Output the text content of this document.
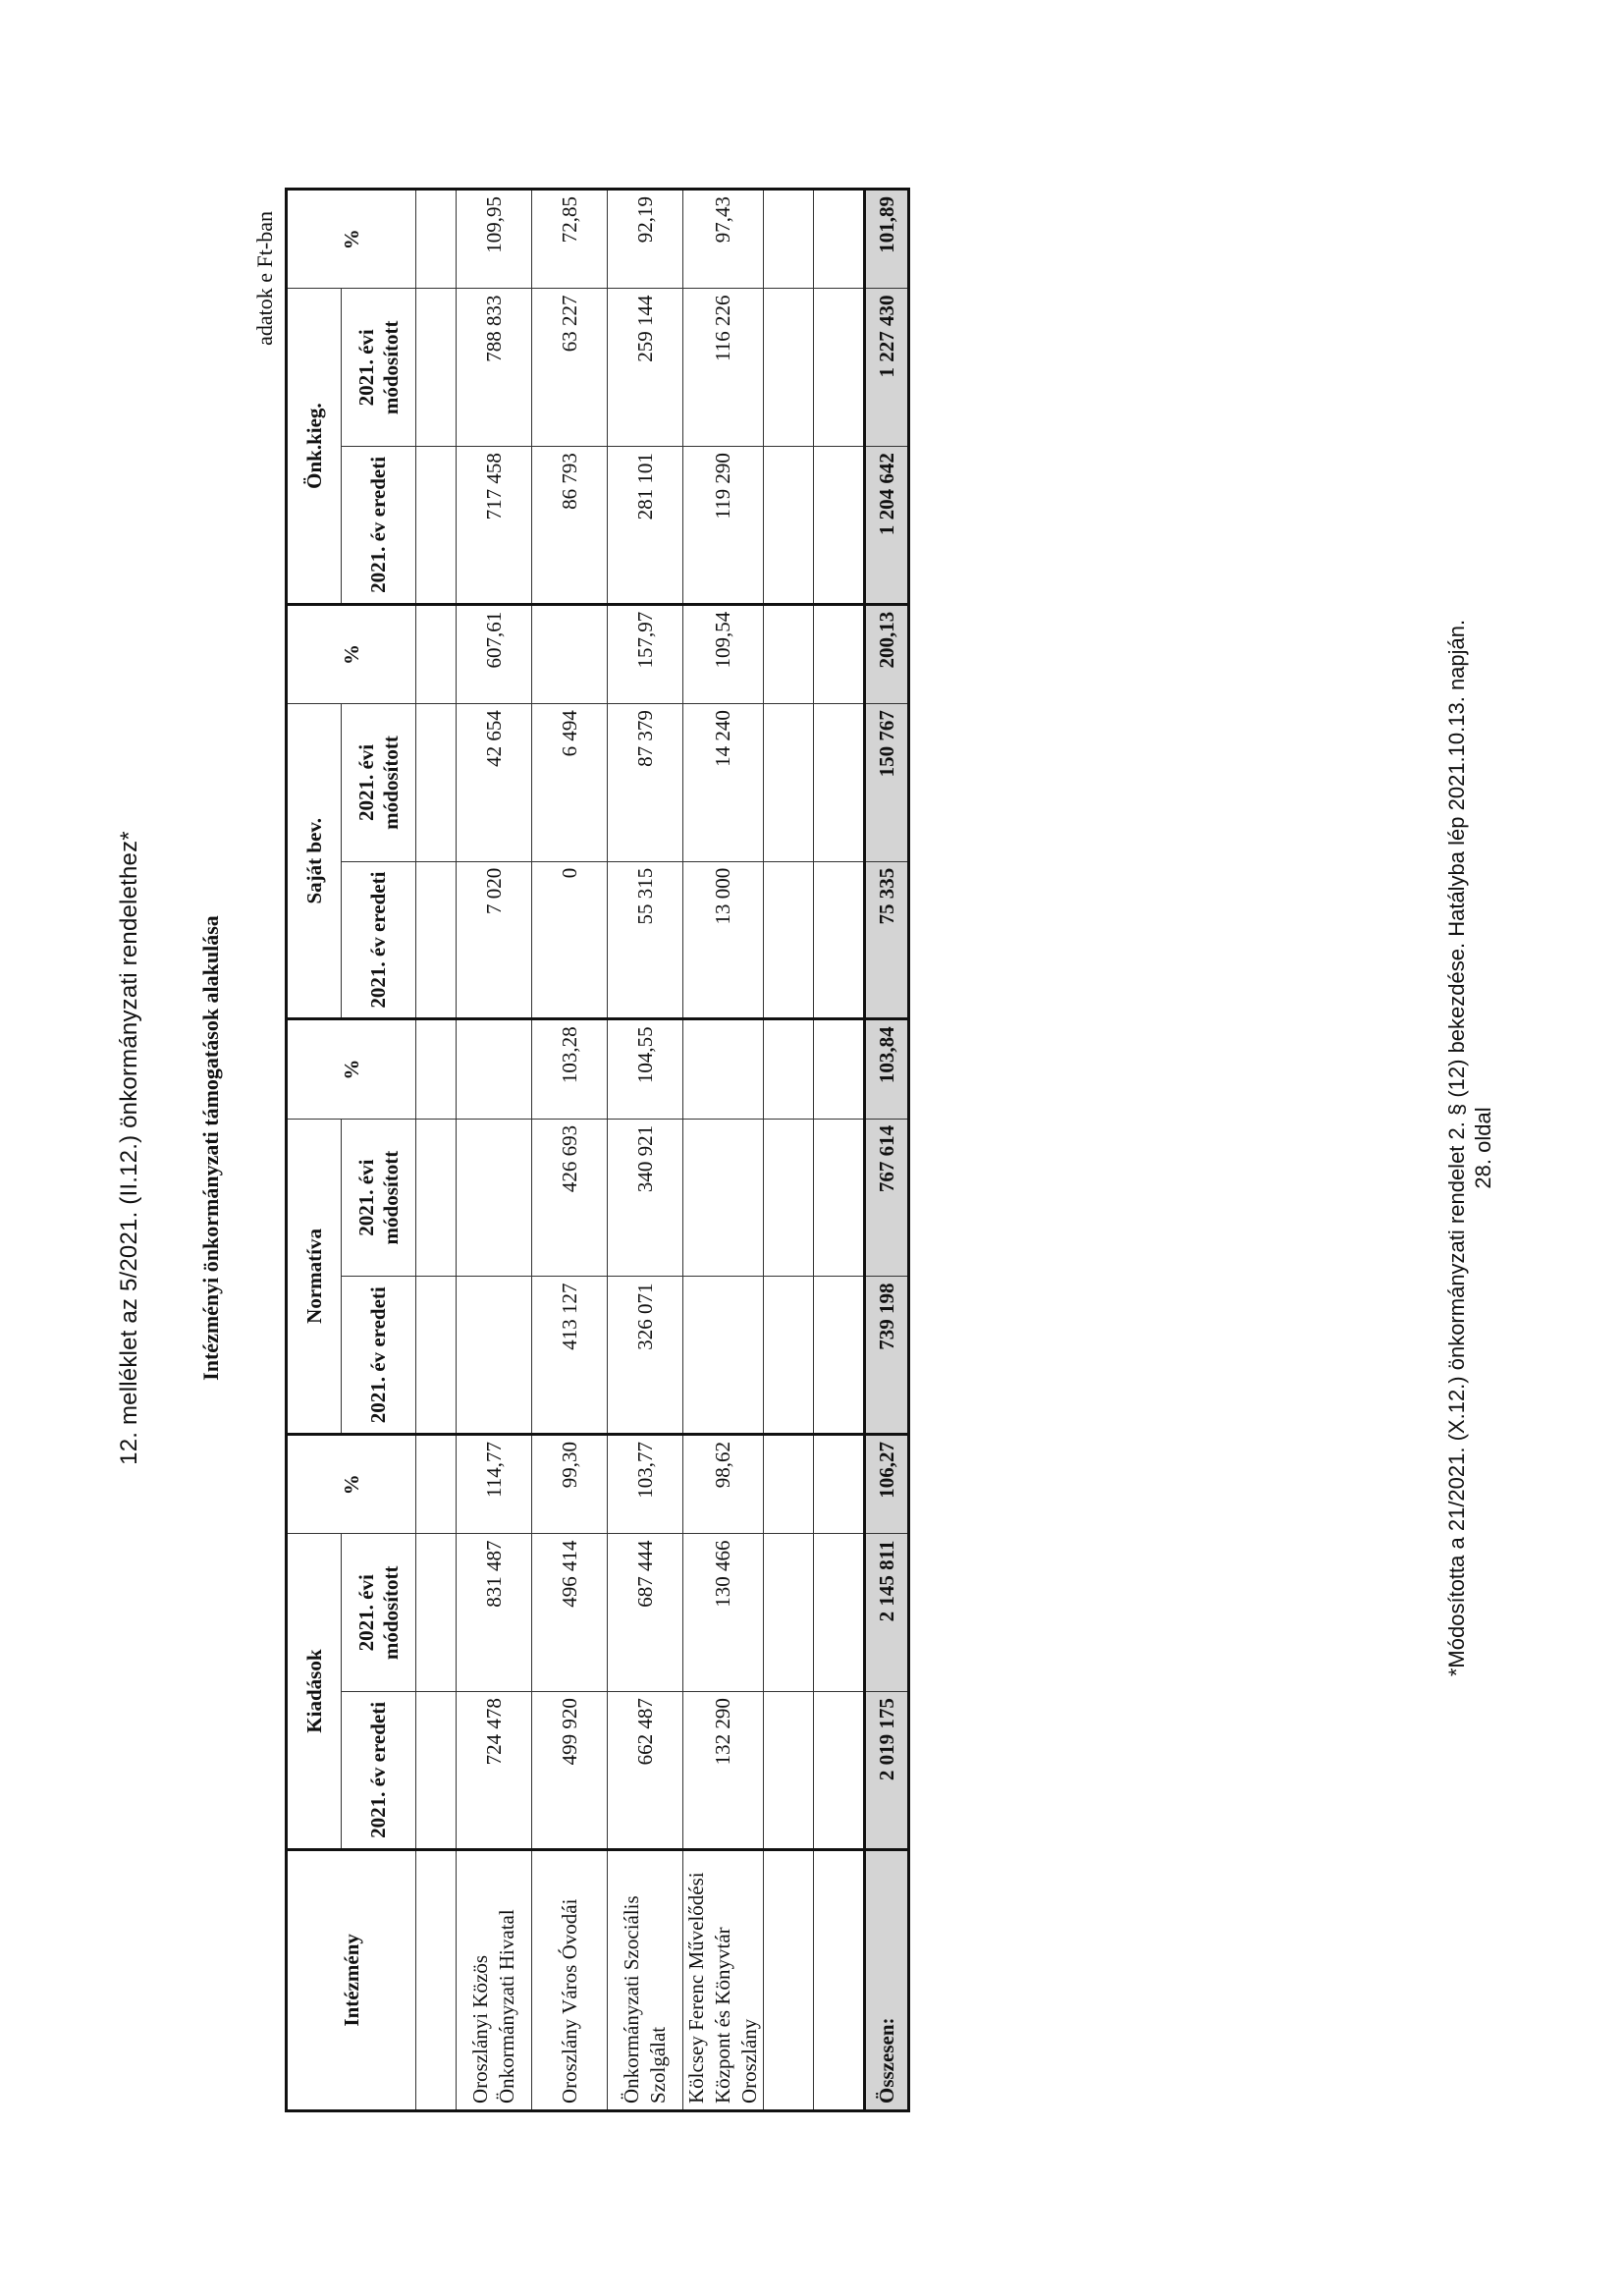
12. melléklet az 5/2021. (II.12.) önkormányzati rendelethez*	Intézményi önkormányzati támogatások alakulása
adatok e Ft-ban
Intézmény	Kiadások		%	Normatíva		%	Saját bev.		%	Önk.kieg.		%
	2021. év eredeti	2021. évi módosított		2021. év eredeti	2021. évi módosított		2021. év eredeti	2021. évi módosított		2021. év eredeti	2021. évi módosított	

Oroszlányi Közös Önkormányzati Hivatal	724 478	831 487	114,77				7 020	42 654	607,61	717 458	788 833	109,95
Oroszlány Város Óvodái	499 920	496 414	99,30	413 127	426 693	103,28	0	6 494		86 793	63 227	72,85
Önkormányzati Szociális Szolgálat	662 487	687 444	103,77	326 071	340 921	104,55	55 315	87 379	157,97	281 101	259 144	92,19
Kölcsey Ferenc Művelődési Központ és Könyvtár Oroszlány	132 290	130 466	98,62				13 000	14 240	109,54	119 290	116 226	97,43

Összesen:	2 019 175	2 145 811	106,27	739 198	767 614	103,84	75 335	150 767	200,13	1 204 642	1 227 430	101,89
*Módosította a 21/2021. (X.12.) önkormányzati rendelet 2. § (12) bekezdése. Hatályba lép 2021.10.13. napján. 28. oldal
